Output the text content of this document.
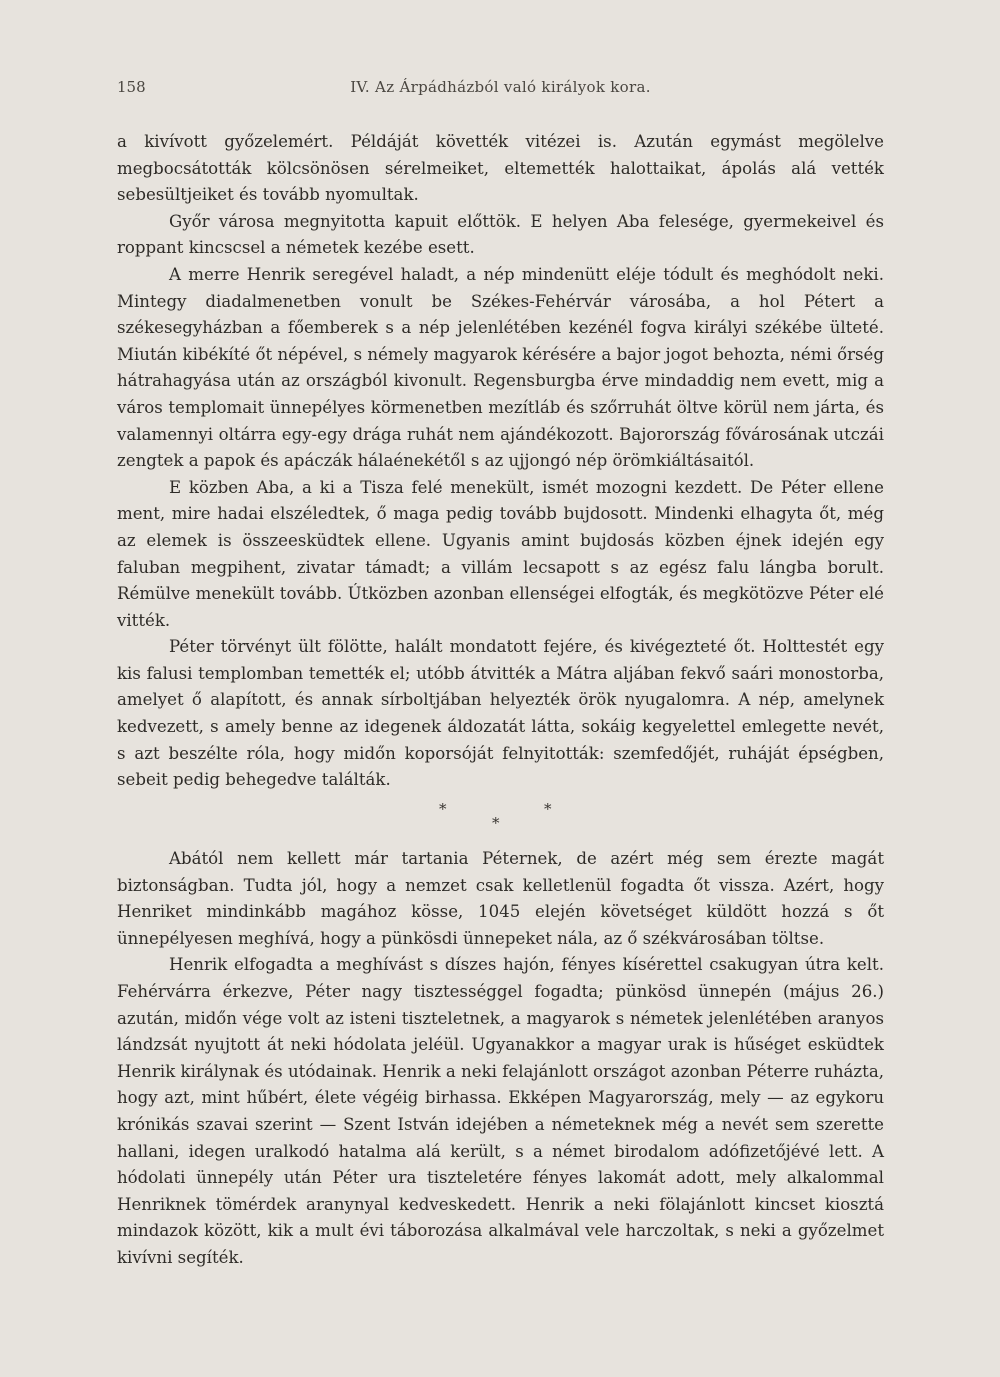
158	IV. Az Árpádházból való királyok kora.

a kivívott győzelemért. Példáját követték vitézei is. Azután egymást megölelve megbocsátották kölcsönösen sérelmeiket, eltemették halottaikat, ápolás alá vették sebesültjeiket és tovább nyomultak.

Győr városa megnyitotta kapuit előttök. E helyen Aba felesége, gyermekeivel és roppant kincscsel a németek kezébe esett.

A merre Henrik seregével haladt, a nép mindenütt eléje tódult és meghódolt neki. Mintegy diadalmenetben vonult be Székes-Fehérvár városába, a hol Pétert a székesegyházban a főemberek s a nép jelenlétében kezénél fogva királyi székébe ülteté. Miután kibékíté őt népével, s némely magyarok kérésére a bajor jogot behozta, némi őrség hátrahagyása után az országból kivonult. Regensburgba érve mindaddig nem evett, mig a város templomait ünnepélyes körmenetben mezítláb és szőrruhát öltve körül nem járta, és valamennyi oltárra egy-egy drága ruhát nem ajándékozott. Bajorország fővárosának utczái zengtek a papok és apáczák hálaénekétől s az ujjongó nép örömkiáltásaitól.

E közben Aba, a ki a Tisza felé menekült, ismét mozogni kezdett. De Péter ellene ment, mire hadai elszéledtek, ő maga pedig tovább bujdosott. Mindenki elhagyta őt, még az elemek is összeesküdtek ellene. Ugyanis amint bujdosás közben éjnek idején egy faluban megpihent, zivatar támadt; a villám lecsapott s az egész falu lángba borult. Rémülve menekült tovább. Útközben azonban ellenségei elfogták, és megkötözve Péter elé vitték.

Péter törvényt ült fölötte, halált mondatott fejére, és kivégezteté őt. Holttestét egy kis falusi templomban temették el; utóbb átvitték a Mátra aljában fekvő saári monostorba, amelyet ő alapított, és annak sírboltjában helyezték örök nyugalomra. A nép, amelynek kedvezett, s amely benne az idegenek áldozatát látta, sokáig kegyelettel emlegette nevét, s azt beszélte róla, hogy midőn koporsóját felnyitották: szemfedőjét, ruháját épségben, sebeit pedig behegedve találták.

*	*
*

Abától nem kellett már tartania Péternek, de azért még sem érezte magát biztonságban. Tudta jól, hogy a nemzet csak kelletlenül fogadta őt vissza. Azért, hogy Henriket mindinkább magához kösse, 1045 elején követséget küldött hozzá s őt ünnepélyesen meghívá, hogy a pünkösdi ünnepeket nála, az ő székvárosában töltse.

Henrik elfogadta a meghívást s díszes hajón, fényes kísérettel csakugyan útra kelt. Fehérvárra érkezve, Péter nagy tisztességgel fogadta; pünkösd ünnepén (május 26.) azután, midőn vége volt az isteni tiszteletnek, a magyarok s németek jelenlétében aranyos lándzsát nyujtott át neki hódolata jeléül. Ugyanakkor a magyar urak is hűséget esküdtek Henrik királynak és utódainak. Henrik a neki felajánlott országot azonban Péterre ruházta, hogy azt, mint hűbért, élete végéig birhassa. Ekképen Magyarország, mely — az egykoru krónikás szavai szerint — Szent István idejében a németeknek még a nevét sem szerette hallani, idegen uralkodó hatalma alá került, s a német birodalom adófizetőjévé lett. A hódolati ünnepély után Péter ura tiszteletére fényes lakomát adott, mely alkalommal Henriknek tömérdek aranynyal kedveskedett. Henrik a neki fölajánlott kincset kiosztá mindazok között, kik a mult évi táborozása alkalmával vele harczoltak, s neki a győzelmet kivívni segíték.
